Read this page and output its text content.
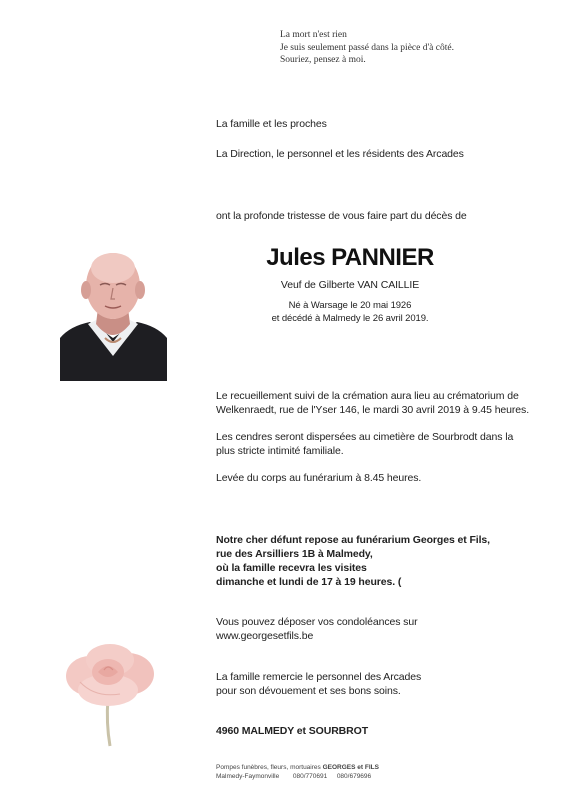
La mort n'est rien
Je suis seulement passé dans la pièce d'à côté.
Souriez, pensez à moi.
La famille et les proches
La Direction, le personnel et les résidents des Arcades
ont la profonde tristesse de vous faire part du décès de
Jules PANNIER
Veuf de Gilberte VAN CAILLIE
Né à Warsage le 20 mai 1926
et décédé à Malmedy le 26 avril 2019.
Le recueillement suivi de la crémation aura lieu au crématorium de
Welkenraedt, rue de l'Yser 146, le mardi 30 avril 2019 à 9.45 heures.
Les cendres seront dispersées au cimetière de Sourbrodt dans la
plus stricte intimité familiale.
Levée du corps au funérarium à 8.45 heures.
Notre cher défunt repose au funérarium Georges et Fils,
rue des Arsilliers 1B à Malmedy,
où la famille recevra les visites
dimanche et lundi de 17 à 19 heures. (
Vous pouvez déposer vos condoléances sur
www.georgesetfils.be
La famille remercie le personnel des Arcades
pour son dévouement et ses bons soins.
4960 MALMEDY et SOURBROT
Pompes funèbres, fleurs, mortuaires GEORGES et FILS
Malmedy-Faymonville 080/770691 080/679696
